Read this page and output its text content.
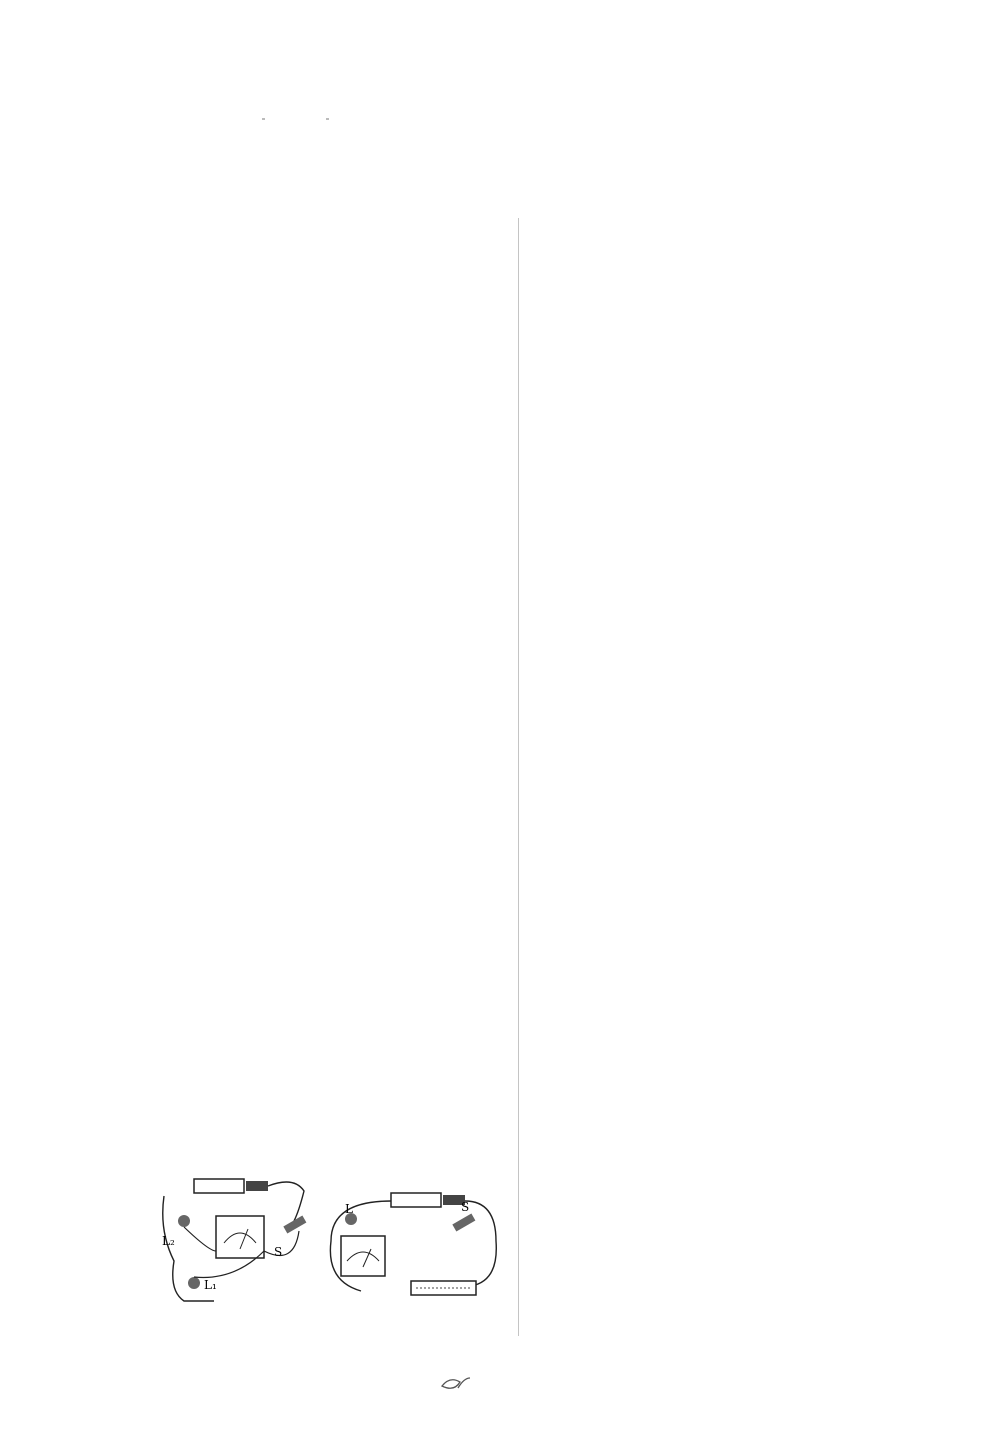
L₂
L₁
S
L	S
